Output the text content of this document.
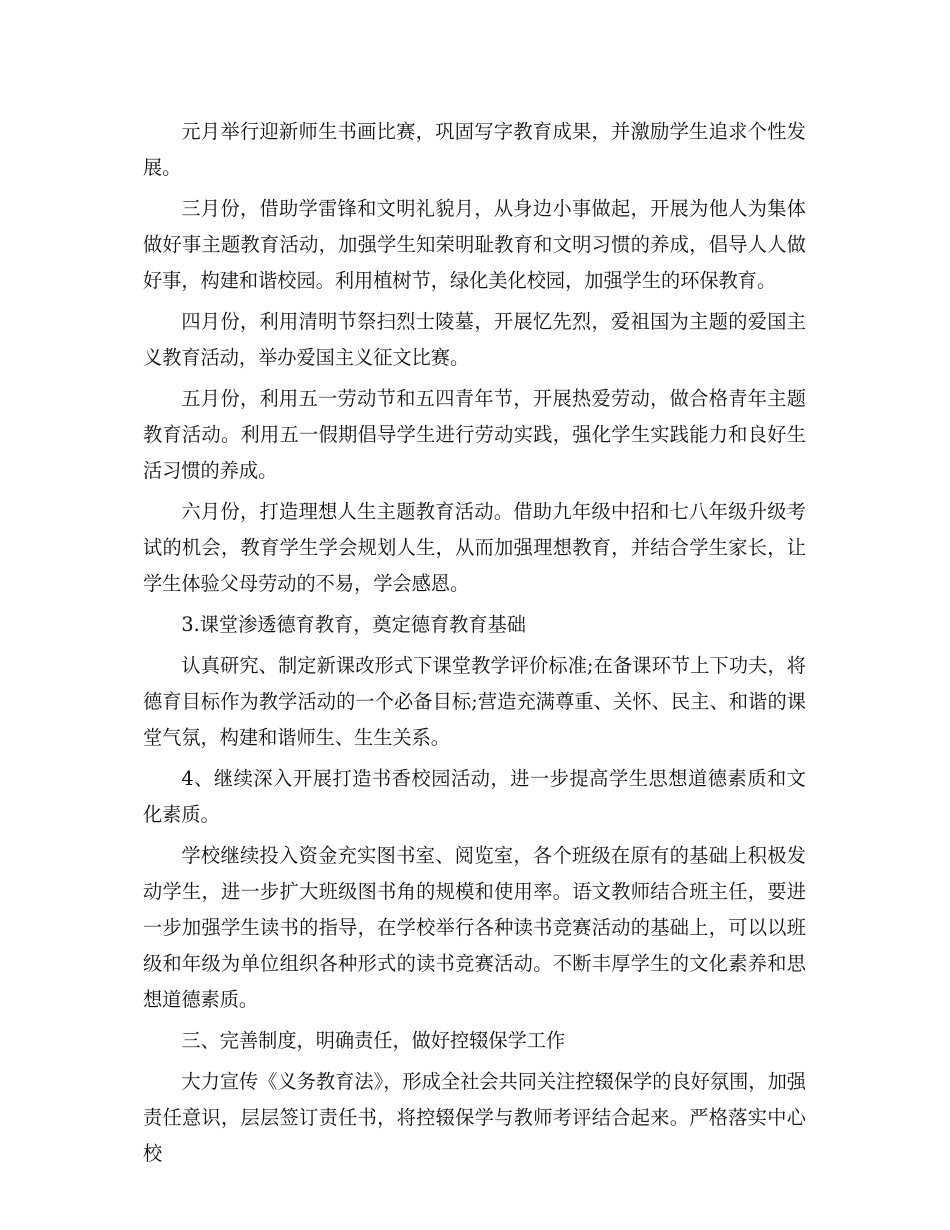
元月举行迎新师生书画比赛，巩固写字教育成果，并激励学生追求个性发展。

三月份，借助学雷锋和文明礼貌月，从身边小事做起，开展为他人为集体做好事主题教育活动，加强学生知荣明耻教育和文明习惯的养成，倡导人人做好事，构建和谐校园。利用植树节，绿化美化校园，加强学生的环保教育。

四月份，利用清明节祭扫烈士陵墓，开展忆先烈，爱祖国为主题的爱国主义教育活动，举办爱国主义征文比赛。

五月份，利用五一劳动节和五四青年节，开展热爱劳动，做合格青年主题教育活动。利用五一假期倡导学生进行劳动实践，强化学生实践能力和良好生活习惯的养成。

六月份，打造理想人生主题教育活动。借助九年级中招和七八年级升级考试的机会，教育学生学会规划人生，从而加强理想教育，并结合学生家长，让学生体验父母劳动的不易，学会感恩。

3.课堂渗透德育教育，奠定德育教育基础

认真研究、制定新课改形式下课堂教学评价标准;在备课环节上下功夫，将德育目标作为教学活动的一个必备目标;营造充满尊重、关怀、民主、和谐的课堂气氛，构建和谐师生、生生关系。

4、继续深入开展打造书香校园活动，进一步提高学生思想道德素质和文化素质。

学校继续投入资金充实图书室、阅览室，各个班级在原有的基础上积极发动学生，进一步扩大班级图书角的规模和使用率。语文教师结合班主任，要进一步加强学生读书的指导，在学校举行各种读书竞赛活动的基础上，可以以班级和年级为单位组织各种形式的读书竞赛活动。不断丰厚学生的文化素养和思想道德素质。

三、完善制度，明确责任，做好控辍保学工作

大力宣传《义务教育法》，形成全社会共同关注控辍保学的良好氛围，加强责任意识，层层签订责任书，将控辍保学与教师考评结合起来。严格落实中心校
